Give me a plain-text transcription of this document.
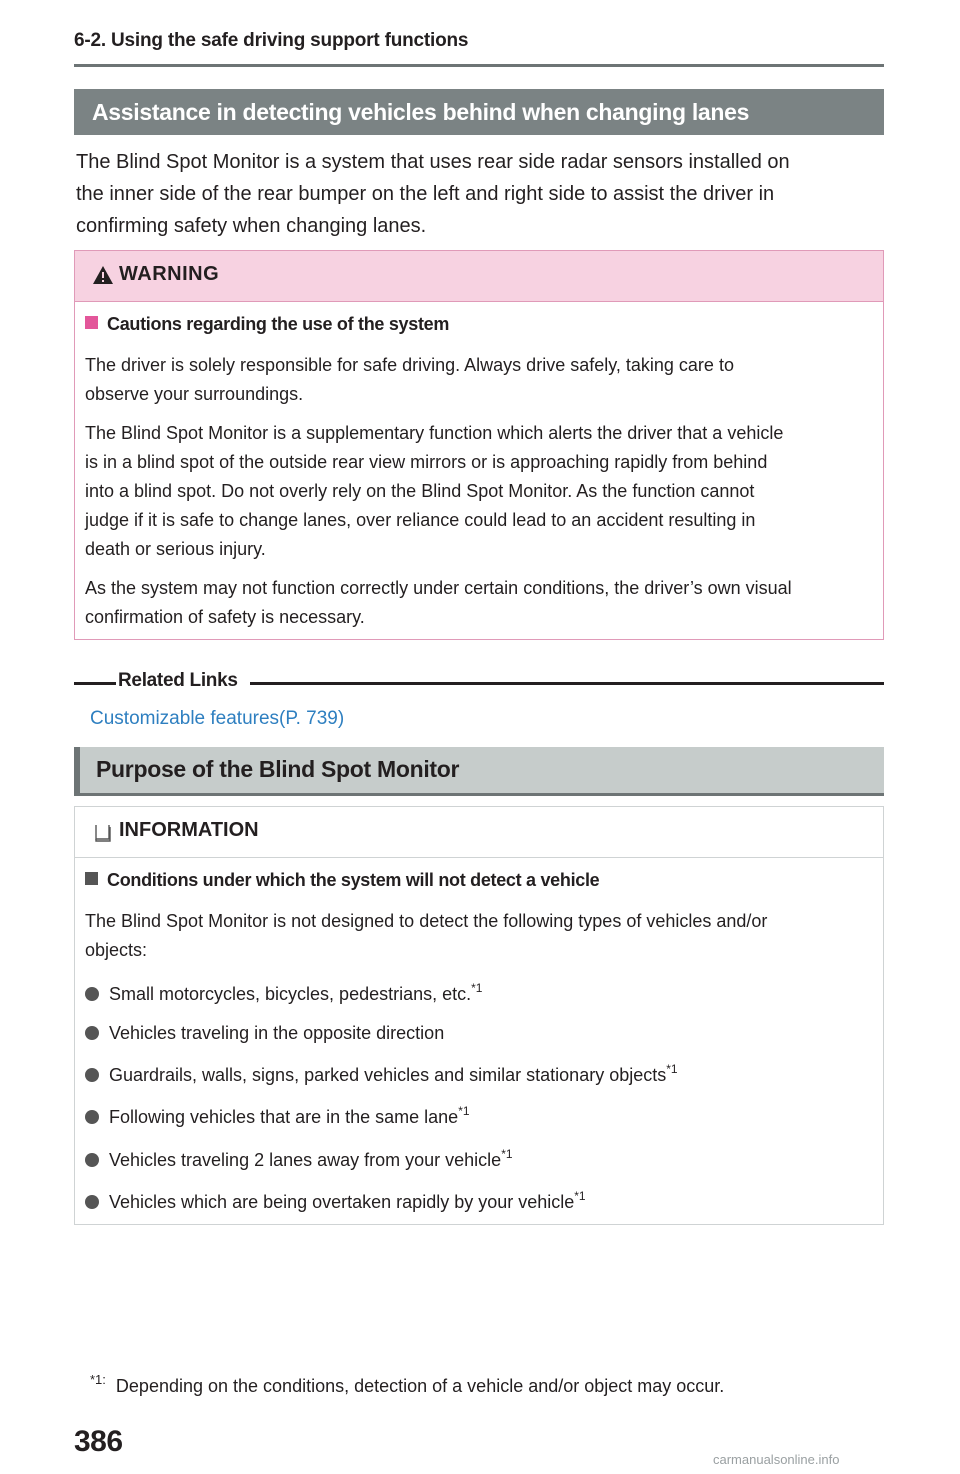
6-2. Using the safe driving support functions
Assistance in detecting vehicles behind when changing lanes
The Blind Spot Monitor is a system that uses rear side radar sensors installed on
the inner side of the rear bumper on the left and right side to assist the driver in
confirming safety when changing lanes.
WARNING
Cautions regarding the use of the system
The driver is solely responsible for safe driving. Always drive safely, taking care to
observe your surroundings.
The Blind Spot Monitor is a supplementary function which alerts the driver that a vehicle
is in a blind spot of the outside rear view mirrors or is approaching rapidly from behind
into a blind spot. Do not overly rely on the Blind Spot Monitor. As the function cannot
judge if it is safe to change lanes, over reliance could lead to an accident resulting in
death or serious injury.
As the system may not function correctly under certain conditions, the driver’s own visual
confirmation of safety is necessary.
Related Links
Customizable features(P. 739)
Purpose of the Blind Spot Monitor
INFORMATION
Conditions under which the system will not detect a vehicle
The Blind Spot Monitor is not designed to detect the following types of vehicles and/or
objects:
Small motorcycles, bicycles, pedestrians, etc.$^{*1}$
Vehicles traveling in the opposite direction
Guardrails, walls, signs, parked vehicles and similar stationary objects$^{*1}$
Following vehicles that are in the same lane$^{*1}$
Vehicles traveling 2 lanes away from your vehicle$^{*1}$
Vehicles which are being overtaken rapidly by your vehicle$^{*1}$
$^{*1:}$ Depending on the conditions, detection of a vehicle and/or object may occur.
386
carmanualsonline.info
